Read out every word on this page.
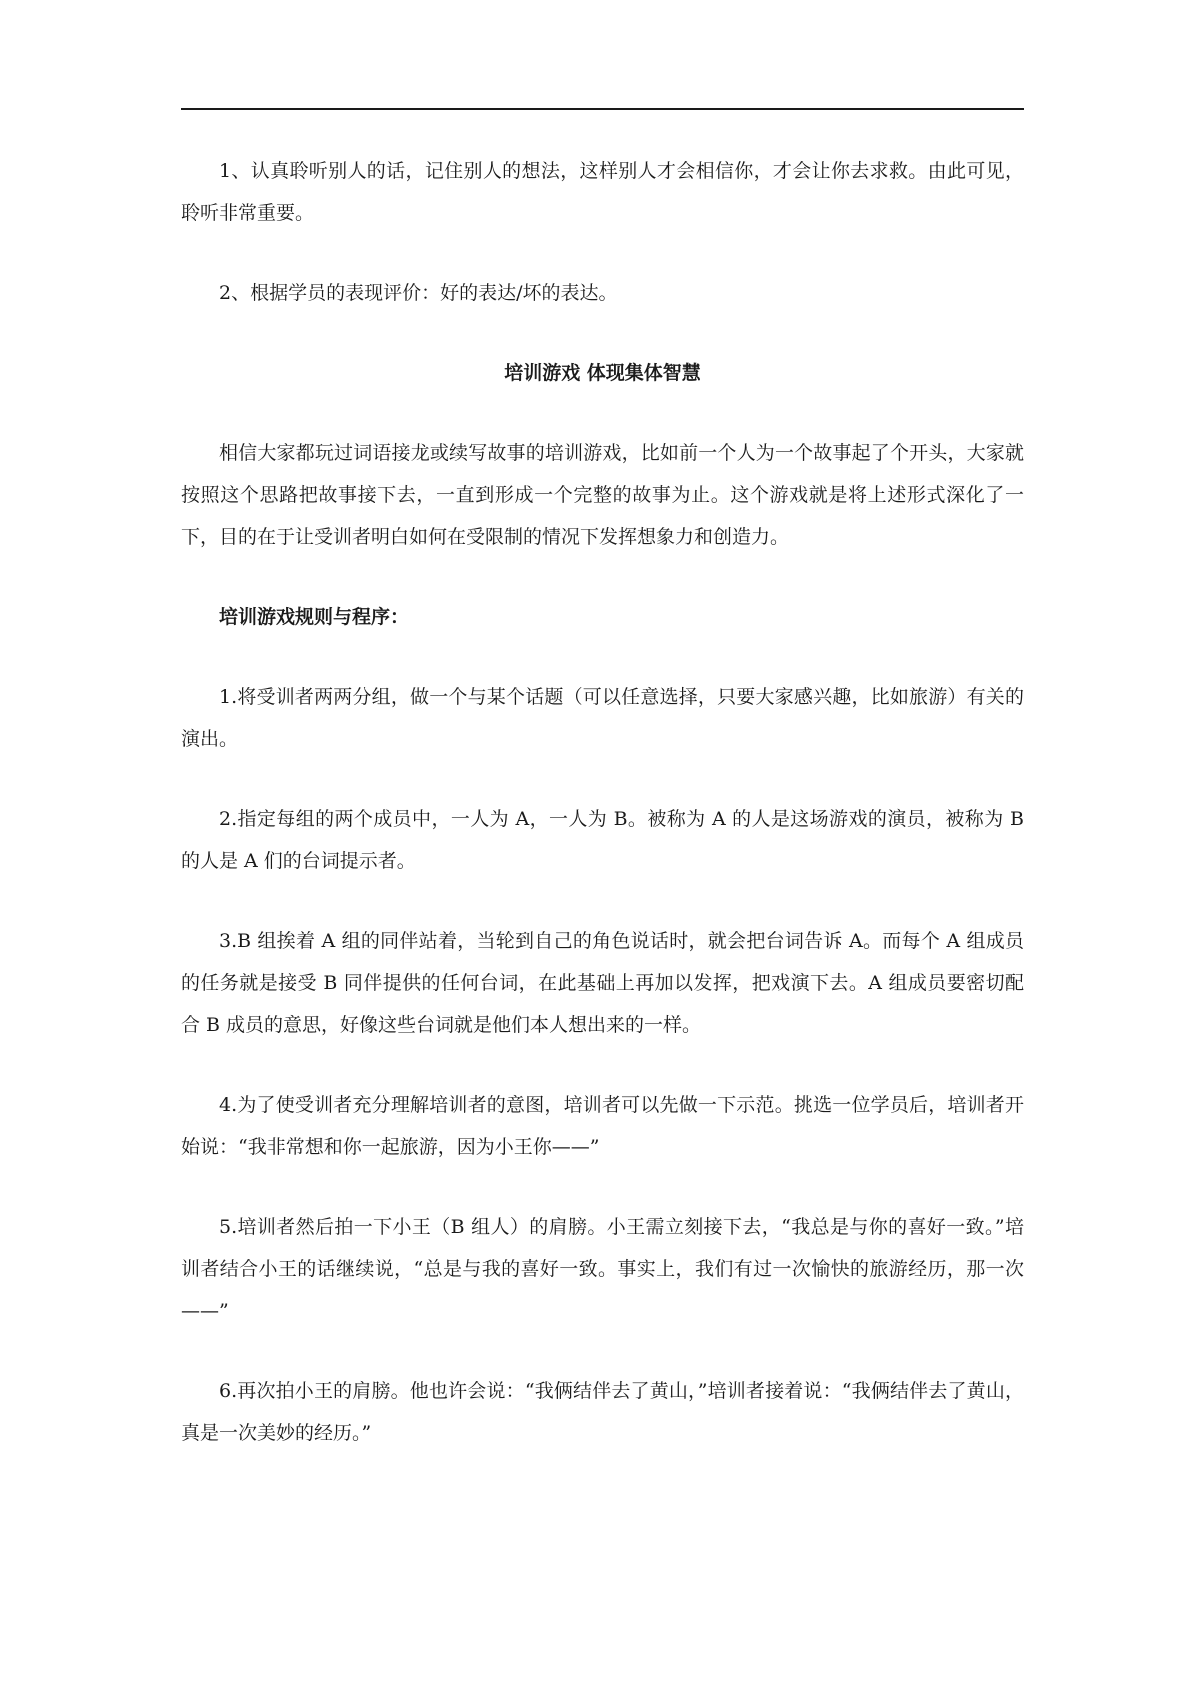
1、认真聆听别人的话，记住别人的想法，这样别人才会相信你，才会让你去求救。由此可见，聆听非常重要。

2、根据学员的表现评价：好的表达/坏的表达。

培训游戏 体现集体智慧

相信大家都玩过词语接龙或续写故事的培训游戏，比如前一个人为一个故事起了个开头，大家就按照这个思路把故事接下去，一直到形成一个完整的故事为止。这个游戏就是将上述形式深化了一下，目的在于让受训者明白如何在受限制的情况下发挥想象力和创造力。

培训游戏规则与程序：

1.将受训者两两分组，做一个与某个话题（可以任意选择，只要大家感兴趣，比如旅游）有关的演出。

2.指定每组的两个成员中，一人为 A，一人为 B。被称为 A 的人是这场游戏的演员，被称为 B 的人是 A 们的台词提示者。

3.B 组挨着 A 组的同伴站着，当轮到自己的角色说话时，就会把台词告诉 A。而每个 A 组成员的任务就是接受 B 同伴提供的任何台词，在此基础上再加以发挥，把戏演下去。A 组成员要密切配合 B 成员的意思，好像这些台词就是他们本人想出来的一样。

4.为了使受训者充分理解培训者的意图，培训者可以先做一下示范。挑选一位学员后，培训者开始说：“我非常想和你一起旅游，因为小王你——”

5.培训者然后拍一下小王（B 组人）的肩膀。小王需立刻接下去，“我总是与你的喜好一致。”培训者结合小王的话继续说，“总是与我的喜好一致。事实上，我们有过一次愉快的旅游经历，那一次——”

6.再次拍小王的肩膀。他也许会说：“我俩结伴去了黄山，”培训者接着说：“我俩结伴去了黄山，真是一次美妙的经历。”
